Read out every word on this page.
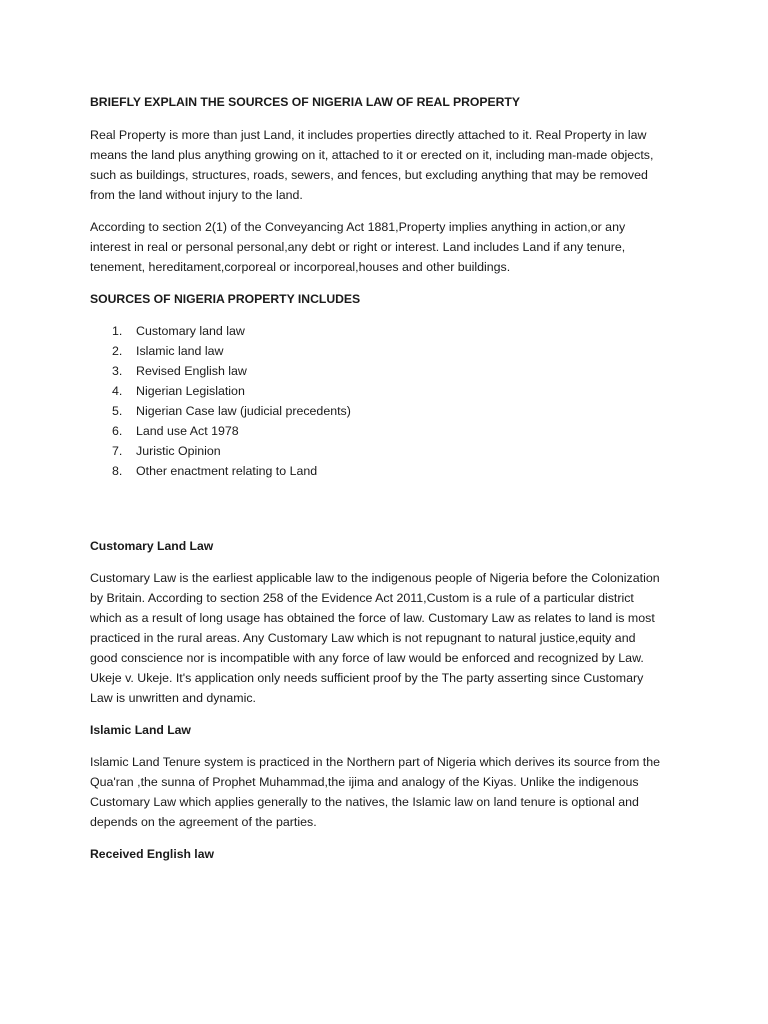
BRIEFLY EXPLAIN THE SOURCES OF NIGERIA LAW OF REAL PROPERTY

Real Property is more than just Land, it includes properties directly attached to it. Real Property in law

means the land plus anything growing on it, attached to it or erected on it, including man-made objects,

such as buildings, structures, roads, sewers, and fences, but excluding anything that may be removed

from the land without injury to the land.

According to section 2(1) of the Conveyancing Act 1881,Property implies anything in action,or any

interest in real or personal personal,any debt or right or interest. Land includes Land if any tenure,

tenement, hereditament,corporeal or incorporeal,houses and other buildings.

SOURCES OF NIGERIA PROPERTY INCLUDES

1. Customary land law
2. Islamic land law
3. Revised English law
4. Nigerian Legislation
5. Nigerian Case law (judicial precedents)
6. Land use Act 1978
7. Juristic Opinion
8. Other enactment relating to Land

Customary Land Law

Customary Law is the earliest applicable law to the indigenous people of Nigeria before the Colonization

by Britain. According to section 258 of the Evidence Act 2011,Custom is a rule of a particular district

which as a result of long usage has obtained the force of law. Customary Law as relates to land is most

practiced in the rural areas. Any Customary Law which is not repugnant to natural justice,equity and

good conscience nor is incompatible with any force of law would be enforced and recognized by Law.

Ukeje v. Ukeje. It's application only needs sufficient proof by the The party asserting since Customary

Law is unwritten and dynamic.

Islamic Land Law

Islamic Land Tenure system is practiced in the Northern part of Nigeria which derives its source from the

Qua'ran ,the sunna of Prophet Muhammad,the ijima and analogy of the Kiyas. Unlike the indigenous

Customary Law which applies generally to the natives, the Islamic law on land tenure is optional and

depends on the agreement of the parties.

Received English law
